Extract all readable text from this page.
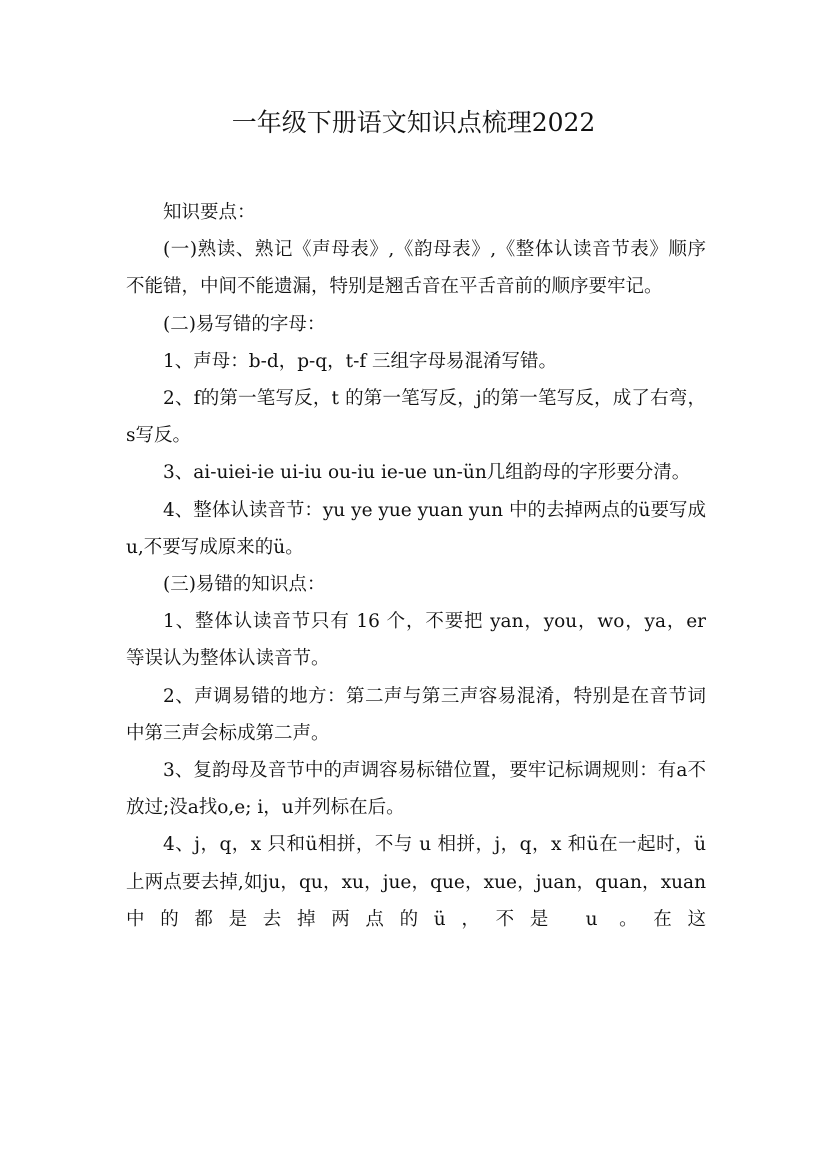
一年级下册语文知识点梳理2022

知识要点：

(一)熟读、熟记《声母表》,《韵母表》,《整体认读音节表》顺序不能错，中间不能遗漏，特别是翘舌音在平舌音前的顺序要牢记。

(二)易写错的字母：

1、声母：b-d，p-q，t-f 三组字母易混淆写错。

2、f的第一笔写反，t 的第一笔写反，j的第一笔写反，成了右弯，s写反。

3、ai-uiei-ie ui-iu ou-iu ie-ue un-ün几组韵母的字形要分清。

4、整体认读音节：yu ye yue yuan yun 中的去掉两点的ü要写成u,不要写成原来的ü。

(三)易错的知识点：

1、整体认读音节只有 16 个，不要把 yan，you，wo，ya，er 等误认为整体认读音节。

2、声调易错的地方：第二声与第三声容易混淆，特别是在音节词中第三声会标成第二声。

3、复韵母及音节中的声调容易标错位置，要牢记标调规则：有a不放过;没a找o,e; i，u并列标在后。

4、j，q，x 只和ü相拼，不与 u 相拼，j，q，x 和ü在一起时，ü上两点要去掉,如ju，qu，xu，jue，que，xue，juan，quan，xuan中的都是去掉两点的ü，不是 u 。在这
